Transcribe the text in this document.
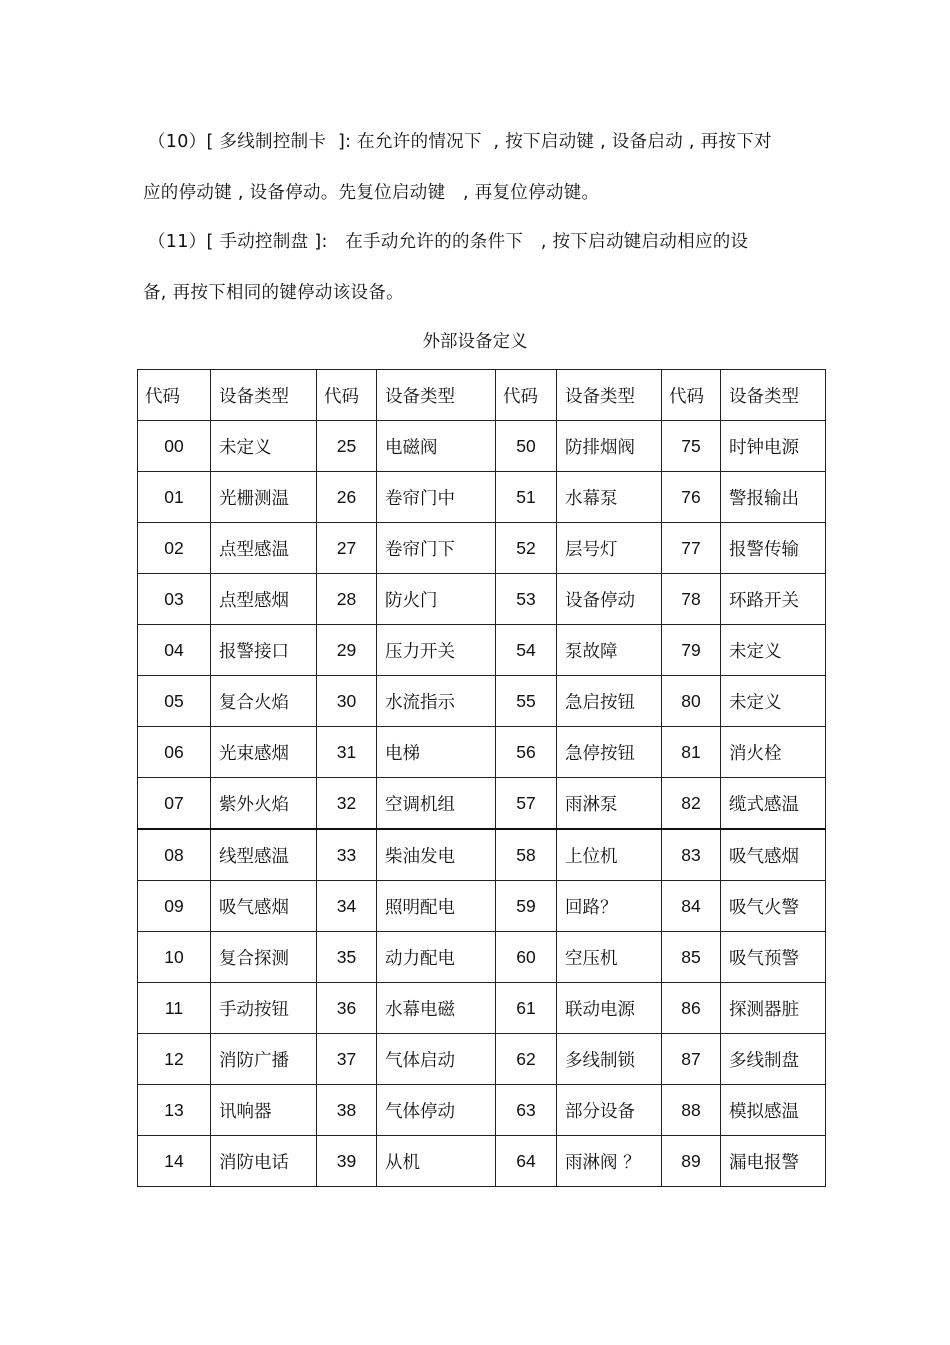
（10）[ 多线制控制卡  ]: 在允许的情况下  , 按下启动键 , 设备启动 , 再按下对
应的停动键 , 设备停动。先复位启动键   , 再复位停动键。
（11）[ 手动控制盘 ]:   在手动允许的的条件下   , 按下启动键启动相应的设
备, 再按下相同的键停动该设备。
外部设备定义
代码	设备类型	代码	设备类型	代码	设备类型	代码	设备类型
00	未定义	25	电磁阀	50	防排烟阀	75	时钟电源
01	光栅测温	26	卷帘门中	51	水幕泵	76	警报输出
02	点型感温	27	卷帘门下	52	层号灯	77	报警传输
03	点型感烟	28	防火门	53	设备停动	78	环路开关
04	报警接口	29	压力开关	54	泵故障	79	未定义
05	复合火焰	30	水流指示	55	急启按钮	80	未定义
06	光束感烟	31	电梯	56	急停按钮	81	消火栓
07	紫外火焰	32	空调机组	57	雨淋泵	82	缆式感温
08	线型感温	33	柴油发电	58	上位机	83	吸气感烟
09	吸气感烟	34	照明配电	59	回路？	84	吸气火警
10	复合探测	35	动力配电	60	空压机	85	吸气预警
11	手动按钮	36	水幕电磁	61	联动电源	86	探测器脏
12	消防广播	37	气体启动	62	多线制锁	87	多线制盘
13	讯响器	38	气体停动	63	部分设备	88	模拟感温
14	消防电话	39	从机	64	雨淋阀 ？	89	漏电报警
